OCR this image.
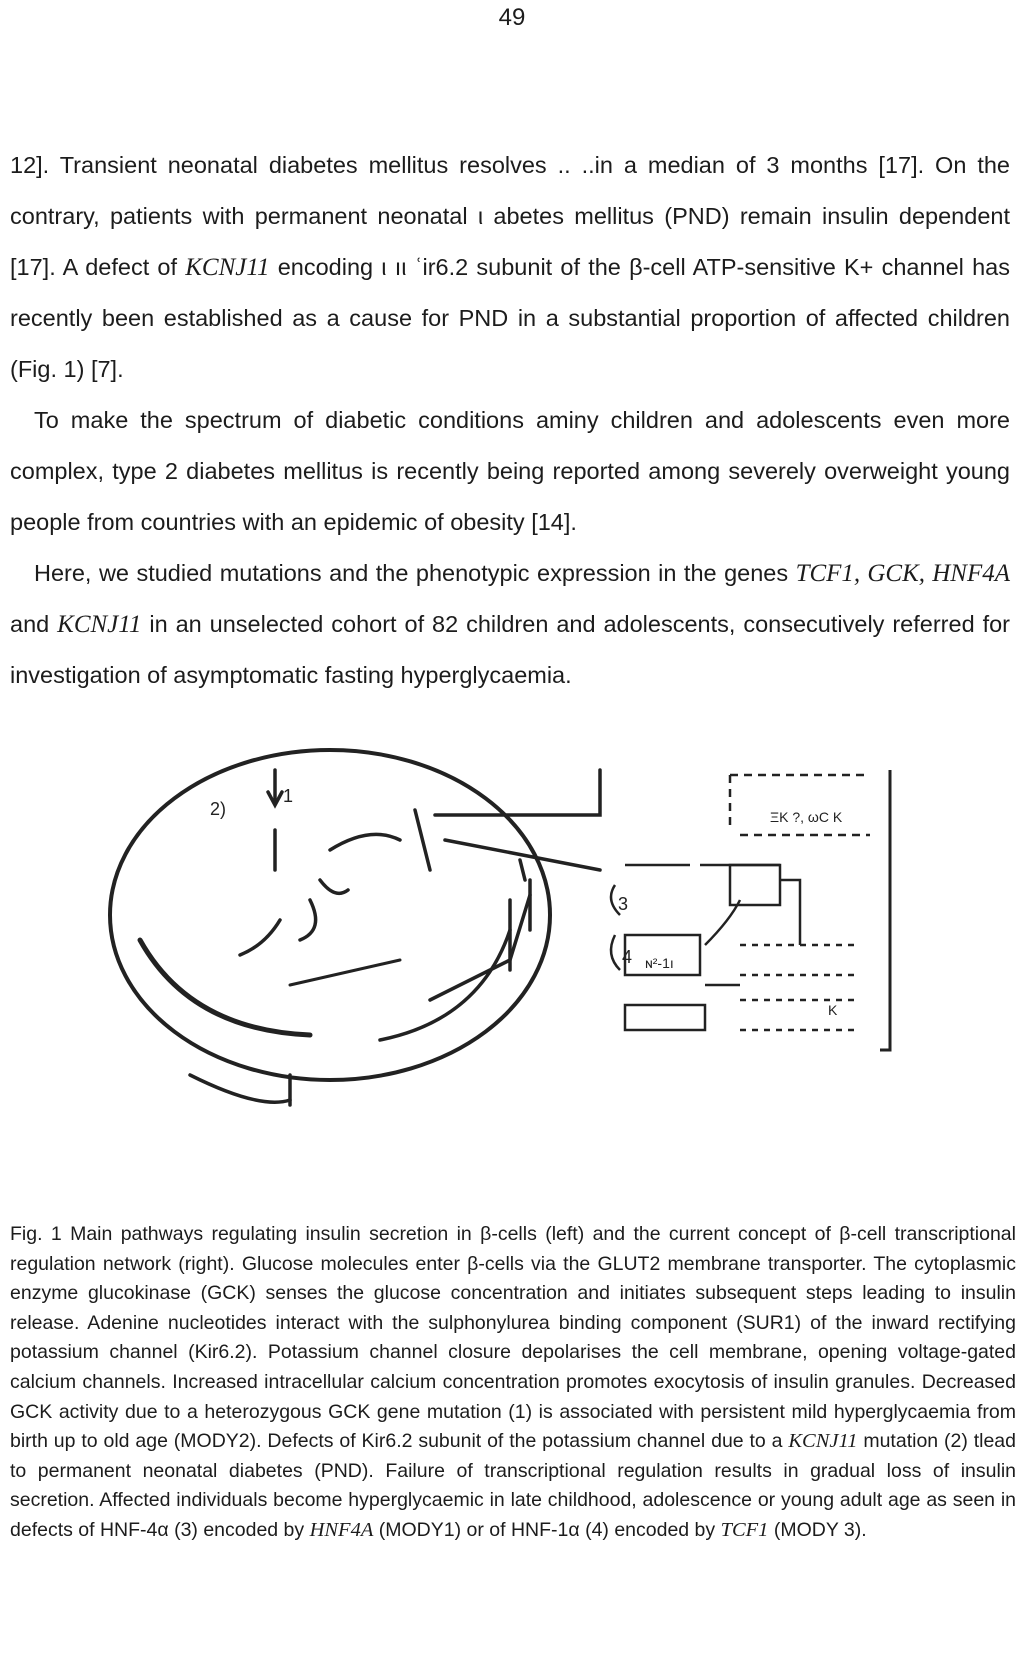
49

12]. Transient neonatal diabetes mellitus resolves .. ..in a median of 3 months [17]. On the contrary, patients with permanent neonatal ι abetes mellitus (PND) remain insulin dependent [17]. A defect of KCNJ11 encoding ι ıι ʿir6.2 subunit of the β-cell ATP-sensitive K+ channel has recently been established as a cause for PND in a substantial proportion of affected children (Fig. 1) [7].

To make the spectrum of diabetic conditions aminy children and adolescents even more complex, type 2 diabetes mellitus is recently being reported among severely overweight young people from countries with an epidemic of obesity [14].

Here, we studied mutations and the phenotypic expression in the genes TCF1, GCK, HNF4A and KCNJ11 in an unselected cohort of 82 children and adolescents, consecutively referred for investigation of asymptomatic fasting hyperglycaemia.

1
2)
3
4
ΞK ?, ωC K
ɴ²-1ı
K
Fig. 1 Main pathways regulating insulin secretion in β-cells (left) and the current concept of β-cell transcriptional regulation network (right). Glucose molecules enter β-cells via the GLUT2 membrane transporter. The cytoplasmic enzyme glucokinase (GCK) senses the glucose concentration and initiates subsequent steps leading to insulin release. Adenine nucleotides interact with the sulphonylurea binding component (SUR1) of the inward rectifying potassium channel (Kir6.2). Potassium channel closure depolarises the cell membrane, opening voltage-gated calcium channels. Increased intracellular calcium concentration promotes exocytosis of insulin granules. Decreased GCK activity due to a heterozygous GCK gene mutation (1) is associated with persistent mild hyperglycaemia from birth up to old age (MODY2). Defects of Kir6.2 subunit of the potassium channel due to a KCNJ11 mutation (2) tlead to permanent neonatal diabetes (PND). Failure of transcriptional regulation results in gradual loss of insulin secretion. Affected individuals become hyperglycaemic in late childhood, adolescence or young adult age as seen in defects of HNF-4α (3) encoded by HNF4A (MODY1) or of HNF-1α (4) encoded by TCF1 (MODY 3).
